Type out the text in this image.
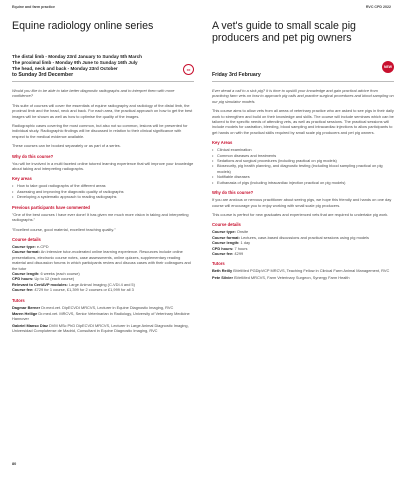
Equine and farm practice	RVC CPD 2022
Equine radiology online series
The distal limb - Monday 23rd January to Sunday 5th March
The proximal limb - Monday 9th June to Sunday 16th July
The head, neck and back - Monday 23rd October
to Sunday 3rd December
▭

Would you like to be able to take better diagnostic radiographs and to interpret them with more confidence?

This suite of courses will cover the essentials of equine radiography and radiology of the distal limb, the proximal limb and the head, neck and back. For each area, the practical approach on how to get the best images will be shown as well as how to optimise the quality of the images.

Radiographic cases covering the most common, but also not so common, lesions will be presented for individual study. Radiographic findings will be discussed in relation to their clinical significance with respect to the medical evidence available.

These courses can be booked separately or as part of a series.

Why do this course?

You will be involved in a multi faceted online tutored learning experience that will improve your knowledge about taking and interpreting radiographs.

Key areas
• How to take good radiographs of the different areas
• Assessing and improving the diagnostic quality of radiographs
• Developing a systematic approach to reading radiographs
Previous participants have commented

"One of the best courses I have ever done! It has given me much more vision in taking and interpreting radiographs."

"Excellent course, good material, excellent teaching quality."

Course details

Course type: e-CPD

Course format: An intensive tutor-moderated online learning experience. Resources include online presentations, electronic course notes, case assessments, online quizzes, supplementary reading material and discussion forums in which participants review and discuss cases with their colleagues and the tutor

Course length: 6 weeks (each course)

CPD hours: Up to 12 (each course)

Relevant to CertAVP modules: Large Animal Imaging (C-VDI.4 and 5)

Course fee: £729 for 1 course, £1,399 for 2 courses or £1,999 for all 3

Tutors

Dagmar Berner Dr.med.vet. DipECVDI MRCVS, Lecturer in Equine Diagnostic Imaging, RVC

Maren Hellige Dr.med.vet. MRCVS, Senior Veterinarian in Radiology, University of Veterinary Medicine Hannover

Gabriel Manso Diaz DVM MSc PhD DipECVDI MRCVS, Lecturer in Large Animal Diagnostic Imaging, Universidad Complutense de Madrid, Consultant in Equine Diagnostic Imaging, RVC

A vet's guide to small scale pig producers and pet pig owners
Friday 3rd February
NEW

Ever dread a call to a sick pig? It is time to upskill your knowledge and gain practical advice from practicing farm vets on how to approach pig calls and practice surgical procedures and blood sampling on our pig simulator models.

This course aims to allow vets from all areas of veterinary practice who are asked to see pigs in their daily work to strengthen and build on their knowledge and skills. The course will include seminars which can be tailored to the specific needs of attending vets, as well as practical sessions. The practical sessions will include models for castration, bleeding, blood sampling and intracardiac injections to allow participants to get hands on with the practical skills required by small scale pig producers and pet pig owners.

Key Areas
• Clinical examination
• Common diseases and treatments
• Sedations and surgical procedures (including practical on pig models)
• Biosecurity, pig health planning, and diagnostic testing (including blood sampling practical on pig models)
• Notifiable diseases
• Euthanasia of pigs (including intracardiac injection practical on pig models)
Why do this course?

If you are anxious or nervous practitioner about seeing pigs, we hope this friendly and hands on one day course will encourage you to enjoy working with small scale pig producers.

This course is perfect for new graduates and experienced vets that are required to undertake pig work.

Course details

Course type: Onsite

Course format: Lectures, case-based discussions and practical sessions using pig models

Course length: 1 day

CPD hours: 7 hours

Course fee: £299

Tutors

Beth Reilly BVetMed PGDipVCP MRCVS, Teaching Fellow in Clinical Farm Animal Management, RVC

Pete Silvier BVetMed MRCVS, Farm Veterinary Surgeon, Synergy Farm Health

80
